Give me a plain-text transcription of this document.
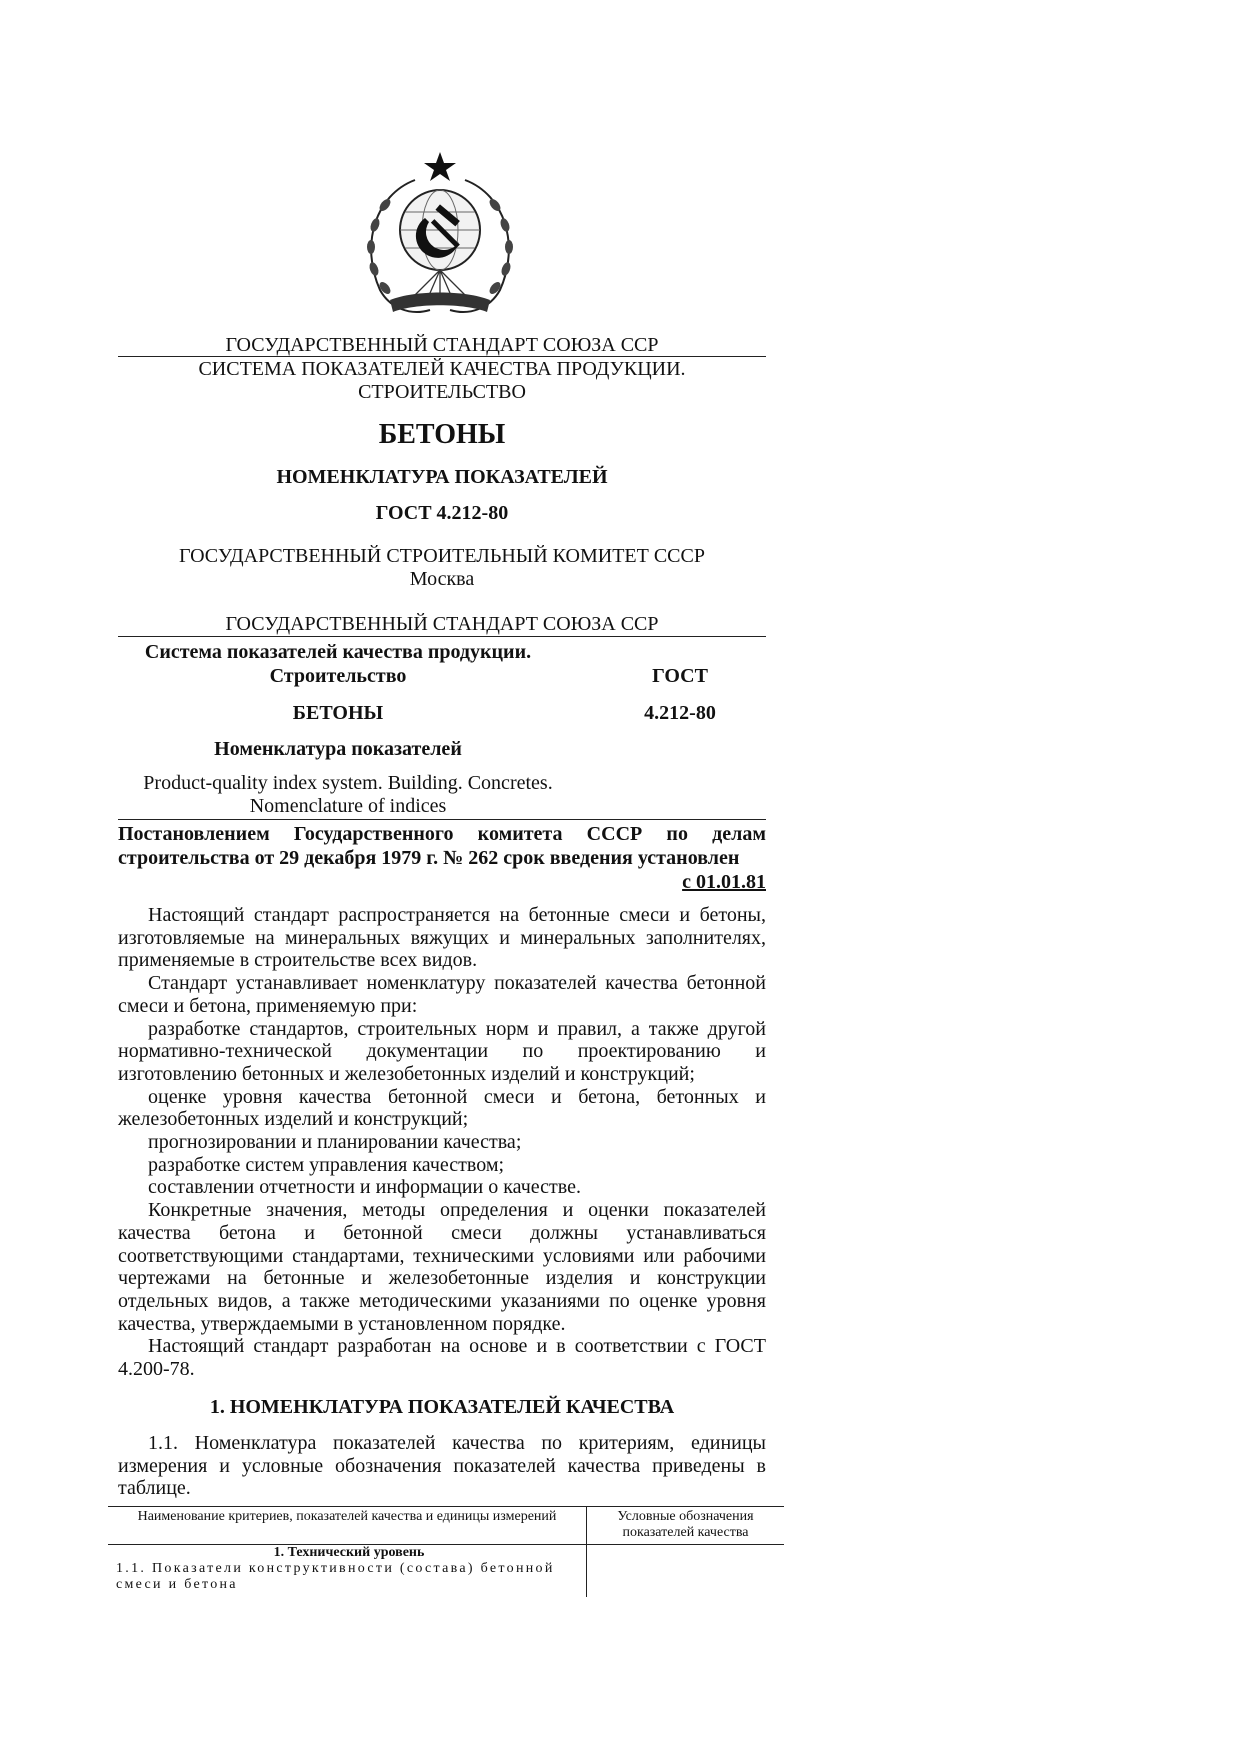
ГОСУДАРСТВЕННЫЙ СТАНДАРТ СОЮЗА ССР
СИСТЕМА ПОКАЗАТЕЛЕЙ КАЧЕСТВА ПРОДУКЦИИ.
СТРОИТЕЛЬСТВО
БЕТОНЫ
НОМЕНКЛАТУРА ПОКАЗАТЕЛЕЙ
ГОСТ 4.212-80
ГОСУДАРСТВЕННЫЙ СТРОИТЕЛЬНЫЙ КОМИТЕТ СССР
Москва
ГОСУДАРСТВЕННЫЙ СТАНДАРТ СОЮЗА ССР
Система показателей качества продукции.
Строительство	ГОСТ
БЕТОНЫ	4.212-80
Номенклатура показателей
Product-quality index system. Building. Concretes.
Nomenclature of indices
Постановлением Государственного комитета СССР по делам строительства от 29 декабря 1979 г. № 262 срок введения установлен
с 01.01.81

Настоящий стандарт распространяется на бетонные смеси и бетоны, изготовляемые на минеральных вяжущих и минеральных заполнителях, применяемые в строительстве всех видов.

Стандарт устанавливает номенклатуру показателей качества бетонной смеси и бетона, применяемую при:

разработке стандартов, строительных норм и правил, а также другой нормативно-технической документации по проектированию и изготовлению бетонных и железобетонных изделий и конструкций;

оценке уровня качества бетонной смеси и бетона, бетонных и железобетонных изделий и конструкций;

прогнозировании и планировании качества;

разработке систем управления качеством;

составлении отчетности и информации о качестве.

Конкретные значения, методы определения и оценки показателей качества бетона и бетонной смеси должны устанавливаться соответствующими стандартами, техническими условиями или рабочими чертежами на бетонные и железобетонные изделия и конструкции отдельных видов, а также методическими указаниями по оценке уровня качества, утверждаемыми в установленном порядке.

Настоящий стандарт разработан на основе и в соответствии с ГОСТ 4.200-78.

1. НОМЕНКЛАТУРА ПОКАЗАТЕЛЕЙ КАЧЕСТВА

1.1. Номенклатура показателей качества по критериям, единицы измерения и условные обозначения показателей качества приведены в таблице.

Наименование критериев, показателей качества и единицы измерений	Условные обозначения показателей качества

1. Технический уровень
1.1. Показатели конструктивности (состава) бетонной смеси и бетона	
